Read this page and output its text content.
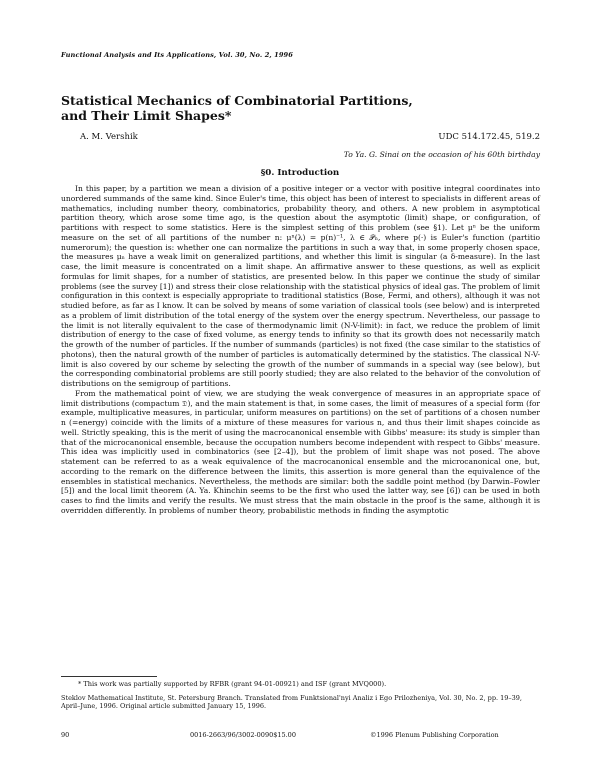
Functional Analysis and Its Applications, Vol. 30, No. 2, 1996
Statistical Mechanics of Combinatorial Partitions,
and Their Limit Shapes*
A. M. Vershik	UDC 514.172.45, 519.2
To Ya. G. Sinai on the occasion of his 60th birthday
§0. Introduction

In this paper, by a partition we mean a division of a positive integer or a vector with positive integral coordinates into unordered summands of the same kind. Since Euler's time, this object has been of interest to specialists in different areas of mathematics, including number theory, combinatorics, probability theory, and others. A new problem in asymptotical partition theory, which arose some time ago, is the question about the asymptotic (limit) shape, or configuration, of partitions with respect to some statistics. Here is the simplest setting of this problem (see §1). Let μⁿ be the uniform measure on the set of all partitions of the number n: μⁿ(λ) = p(n)⁻¹, λ ∈ 𝒫ₙ, where p(·) is Euler's function (partitio numerorum); the question is: whether one can normalize the partitions in such a way that, in some properly chosen space, the measures μₙ have a weak limit on generalized partitions, and whether this limit is singular (a δ-measure). In the last case, the limit measure is concentrated on a limit shape. An affirmative answer to these questions, as well as explicit formulas for limit shapes, for a number of statistics, are presented below. In this paper we continue the study of similar problems (see the survey [1]) and stress their close relationship with the statistical physics of ideal gas. The problem of limit configuration in this context is especially appropriate to traditional statistics (Bose, Fermi, and others), although it was not studied before, as far as I know. It can be solved by means of some variation of classical tools (see below) and is interpreted as a problem of limit distribution of the total energy of the system over the energy spectrum. Nevertheless, our passage to the limit is not literally equivalent to the case of thermodynamic limit (N-V-limit): in fact, we reduce the problem of limit distribution of energy to the case of fixed volume, as energy tends to infinity so that its growth does not necessarily match the growth of the number of particles. If the number of summands (particles) is not fixed (the case similar to the statistics of photons), then the natural growth of the number of particles is automatically determined by the statistics. The classical N-V-limit is also covered by our scheme by selecting the growth of the number of summands in a special way (see below), but the corresponding combinatorial problems are still poorly studied; they are also related to the behavior of the convolution of distributions on the semigroup of partitions.

From the mathematical point of view, we are studying the weak convergence of measures in an appropriate space of limit distributions (compactum 𝔇), and the main statement is that, in some cases, the limit of measures of a special form (for example, multiplicative measures, in particular, uniform measures on partitions) on the set of partitions of a chosen number n (=energy) coincide with the limits of a mixture of these measures for various n, and thus their limit shapes coincide as well. Strictly speaking, this is the merit of using the macrocanonical ensemble with Gibbs' measure: its study is simpler than that of the microcanonical ensemble, because the occupation numbers become independent with respect to Gibbs' measure. This idea was implicitly used in combinatorics (see [2–4]), but the problem of limit shape was not posed. The above statement can be referred to as a weak equivalence of the macrocanonical ensemble and the microcanonical one, but, according to the remark on the difference between the limits, this assertion is more general than the equivalence of the ensembles in statistical mechanics. Nevertheless, the methods are similar: both the saddle point method (by Darwin–Fowler [5]) and the local limit theorem (A. Ya. Khinchin seems to be the first who used the latter way, see [6]) can be used in both cases to find the limits and verify the results. We must stress that the main obstacle in the proof is the same, although it is overridden differently. In problems of number theory, probabilistic methods in finding the asymptotic

* This work was partially supported by RFBR (grant 94-01-00921) and ISF (grant MVQ000).
Steklov Mathematical Institute, St. Petersburg Branch. Translated from Funktsional'nyi Analiz i Ego Prilozheniya, Vol. 30, No. 2, pp. 19–39, April–June, 1996. Original article submitted January 15, 1996.
90	0016-2663/96/3002-0090$15.00	©1996 Plenum Publishing Corporation
